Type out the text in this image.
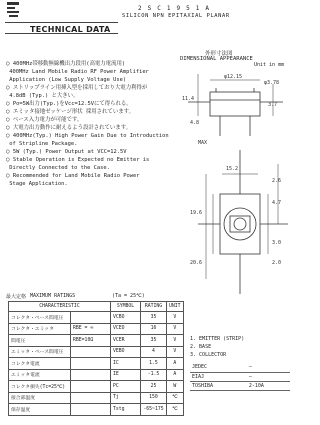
TECHNICAL DATA
2 S C 1 9 5 1 A
SILICON NPN EPITAXIAL PLANAR
外形寸法図
DIMENSIONAL APPEARANCE
Unit in mm
φ12.15
φ3.78
11.4
3.7
4.8
MAX
15.2
2.6
4.7
19.6
20.6
3.0
2.0
○ 400MHz帯移動無線機出力段用(高電力電流用)
400MHz Land Mobile Radio RF Power Amplifier
Application (Low Supply Voltage Use)
○ ストリップライン用挿入型を採用しており大電力利得が
4.8dB (Typ.) と大きい。
○ Po=5W出力(Typ.)をVcc=12.5Vにて得られる。
○ エミッタ接地ゼッケージ形状 採用されています。
○ ベース入力電力が可能です。
○ 大電力出力動作に耐えるよう設計されています。
○ 400MHz(Typ.) High Power Gain Due to Introduction
of Stripline Package.
○ 5W (Typ.) Power Output at VCC=12.5V
○ Stable Operation is Expected no Emitter is
Directly Connected to the Case.
○ Recommended for Land Mobile Radio Power
Stage Application.
最大定格 MAXIMUM RATINGS	(Ta = 25℃)
CHARACTERISTIC		SYMBOL	RATING	UNIT
コレクタ・ベース間電圧		VCBO	35	V
コレクタ・エミッタ	RBE = ∞	VCEO	16	V
間電圧	RBE=10Ω	VCER	35	V
エミッタ・ベース間電圧		VEBO	4	V
コレクタ電流		IC	1.5	A
エミッタ電流		IE	-1.5	A
コレクタ損失(Tc=25℃)		PC	25	W
接合部温度		Tj	150	℃
保存温度		Tstg	-65~175	℃
1. EMITTER (STRIP)
2. BASE
3. COLLECTOR
JEDEC	—
EIAJ	—
TOSHIBA	2-10A
